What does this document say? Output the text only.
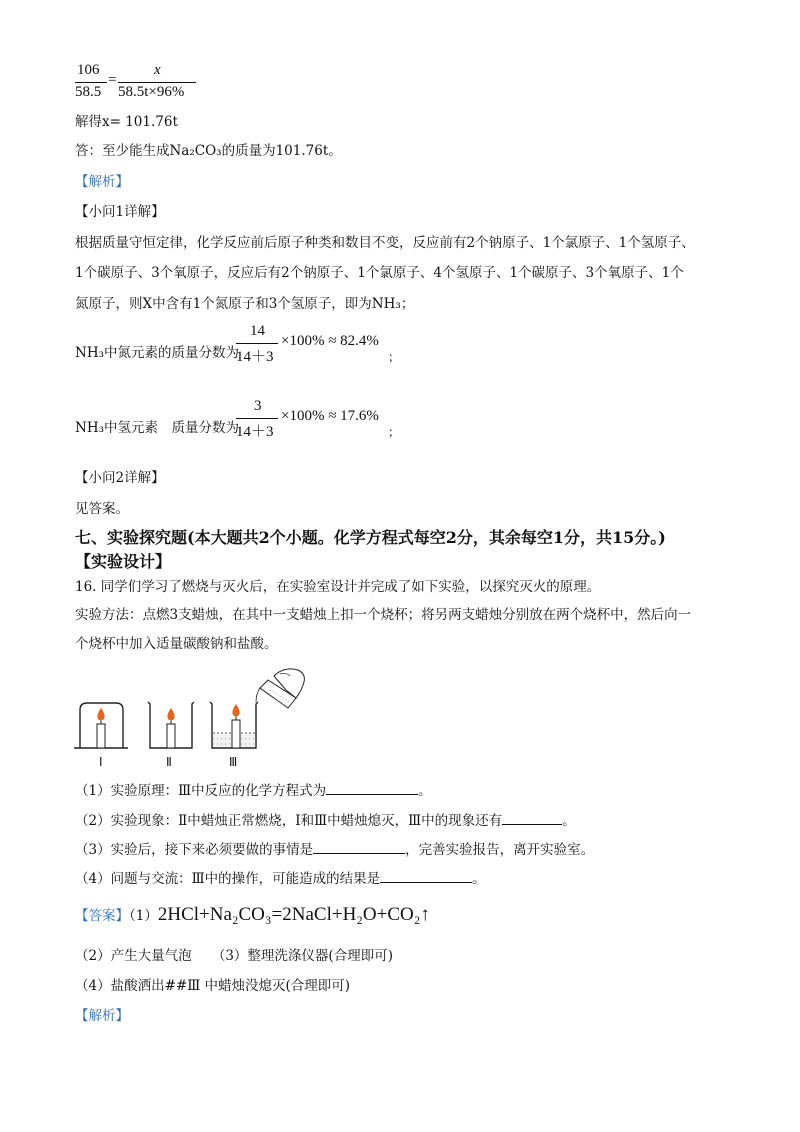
106
58.5
=
x
58.5t×96%
解得x= 101.76t
答：至少能生成Na₂CO₃的质量为101.76t。
【解析】
【小问1详解】
根据质量守恒定律，化学反应前后原子种类和数目不变，反应前有2个钠原子、1个氯原子、1个氢原子、
1个碳原子、3个氧原子，反应后有2个钠原子、1个氯原子、4个氢原子、1个碳原子、3个氧原子、1个
氮原子，则X中含有1个氮原子和3个氢原子，即为NH₃；
NH₃中氮元素的质量分数为
14
14＋3
×100% ≈ 82.4%
；
NH₃中氢元素　质量分数为
3
14＋3
×100% ≈ 17.6%
；
【小问2详解】
见答案。
七、实验探究题(本大题共2个小题。化学方程式每空2分，其余每空1分，共15分。)
【实验设计】
16. 同学们学习了燃烧与灭火后，在实验室设计并完成了如下实验，以探究灭火的原理。
实验方法：点燃3支蜡烛，在其中一支蜡烛上扣一个烧杯；将另两支蜡烛分别放在两个烧杯中，然后向一
个烧杯中加入适量碳酸钠和盐酸。
Ⅰ	Ⅱ	Ⅲ
（1）实验原理：Ⅲ中反应的化学方程式为	。
（2）实验现象：Ⅱ中蜡烛正常燃烧，Ⅰ和Ⅲ中蜡烛熄灭，Ⅲ中的现象还有	。
（3）实验后，接下来必须要做的事情是	，完善实验报告，离开实验室。
（4）问题与交流：Ⅲ中的操作，可能造成的结果是	。
【答案】（1）2HCl+Na₂CO₃=2NaCl+H₂O+CO₂↑
（2）产生大量气泡　　（3）整理洗涤仪器(合理即可)
（4）盐酸洒出##Ⅲ 中蜡烛没熄灭(合理即可)
【解析】
